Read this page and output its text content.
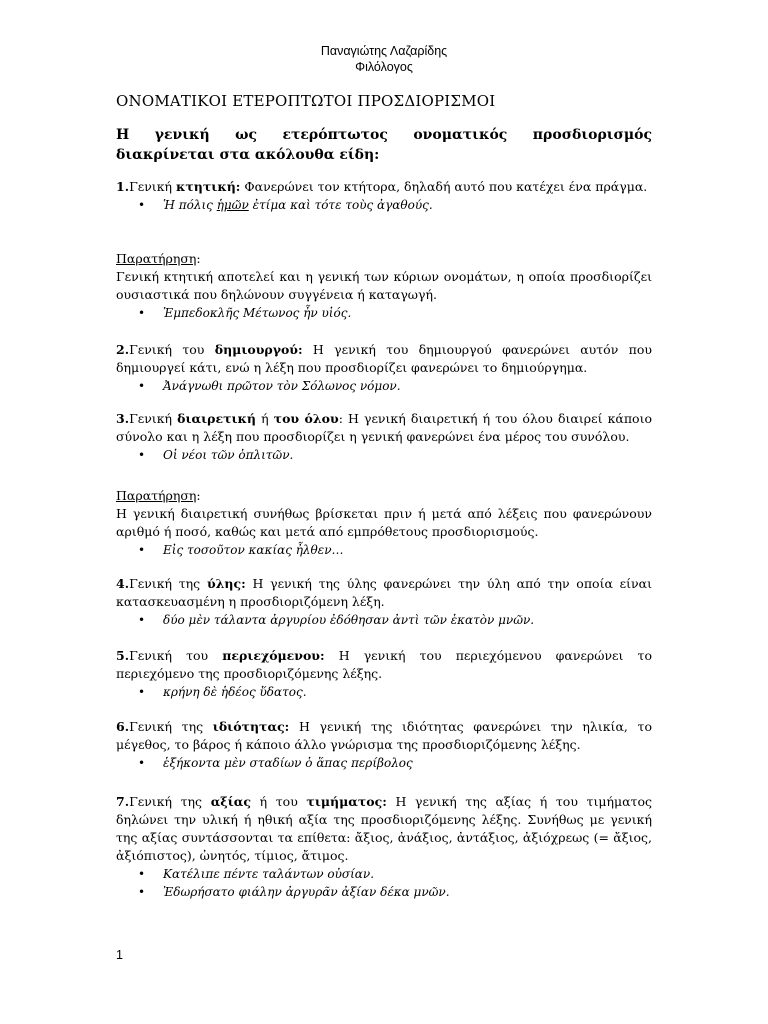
Παναγιώτης Λαζαρίδης
Φιλόλογος
ΟΝΟΜΑΤΙΚΟΙ ΕΤΕΡΟΠΤΩΤΟΙ ΠΡΟΣΔΙΟΡΙΣΜΟΙ
Η γενική ως ετερόπτωτος ονοματικός προσδιορισμός διακρίνεται στα ακόλουθα είδη:
1.Γενική κτητική: Φανερώνει τον κτήτορα, δηλαδή αυτό που κατέχει ένα πράγμα.
• Ἡ πόλις ἡμῶν ἐτίμα καὶ τότε τοὺς ἀγαθούς.
Παρατήρηση:
Γενική κτητική αποτελεί και η γενική των κύριων ονομάτων, η οποία προσδιορίζει ουσιαστικά που δηλώνουν συγγένεια ή καταγωγή.
• Ἐμπεδοκλῆς Μέτωνος ἦν υἱός.
2.Γενική του δημιουργού: Η γενική του δημιουργού φανερώνει αυτόν που δημιουργεί κάτι, ενώ η λέξη που προσδιορίζει φανερώνει το δημιούργημα.
• Ἀνάγνωθι πρῶτον τὸν Σόλωνος νόμον.
3.Γενική διαιρετική ή του όλου: Η γενική διαιρετική ή του όλου διαιρεί κάποιο σύνολο και η λέξη που προσδιορίζει η γενική φανερώνει ένα μέρος του συνόλου.
• Οἱ νέοι τῶν ὁπλιτῶν.
Παρατήρηση:
Η γενική διαιρετική συνήθως βρίσκεται πριν ή μετά από λέξεις που φανερώνουν αριθμό ή ποσό, καθώς και μετά από εμπρόθετους προσδιορισμούς.
• Εἰς τοσοῦτον κακίας ἦλθεν…
4.Γενική της ύλης: Η γενική της ύλης φανερώνει την ύλη από την οποία είναι κατασκευασμένη η προσδιοριζόμενη λέξη.
• δύο μὲν τάλαντα ἀργυρίου ἐδόθησαν ἀντὶ τῶν ἑκατὸν μνῶν.
5.Γενική του περιεχόμενου: Η γενική του περιεχόμενου φανερώνει το περιεχόμενο της προσδιοριζόμενης λέξης.
• κρήνη δὲ ἡδέος ὕδατος.
6.Γενική της ιδιότητας: Η γενική της ιδιότητας φανερώνει την ηλικία, το μέγεθος, το βάρος ή κάποιο άλλο γνώρισμα της προσδιοριζόμενης λέξης.
• ἑξήκοντα μὲν σταδίων ὁ ἅπας περίβολος
7.Γενική της αξίας ή του τιμήματος: Η γενική της αξίας ή του τιμήματος δηλώνει την υλική ή ηθική αξία της προσδιοριζόμενης λέξης. Συνήθως με γενική της αξίας συντάσσονται τα επίθετα: ἄξιος, ἀνάξιος, ἀντάξιος, ἀξιόχρεως (= ἄξιος, ἀξιόπιστος), ὠνητός, τίμιος, ἄτιμος.
• Κατέλιπε πέντε ταλάντων οὐσίαν.
• Ἐδωρήσατο φιάλην ἀργυρᾶν ἀξίαν δέκα μνῶν.
1
